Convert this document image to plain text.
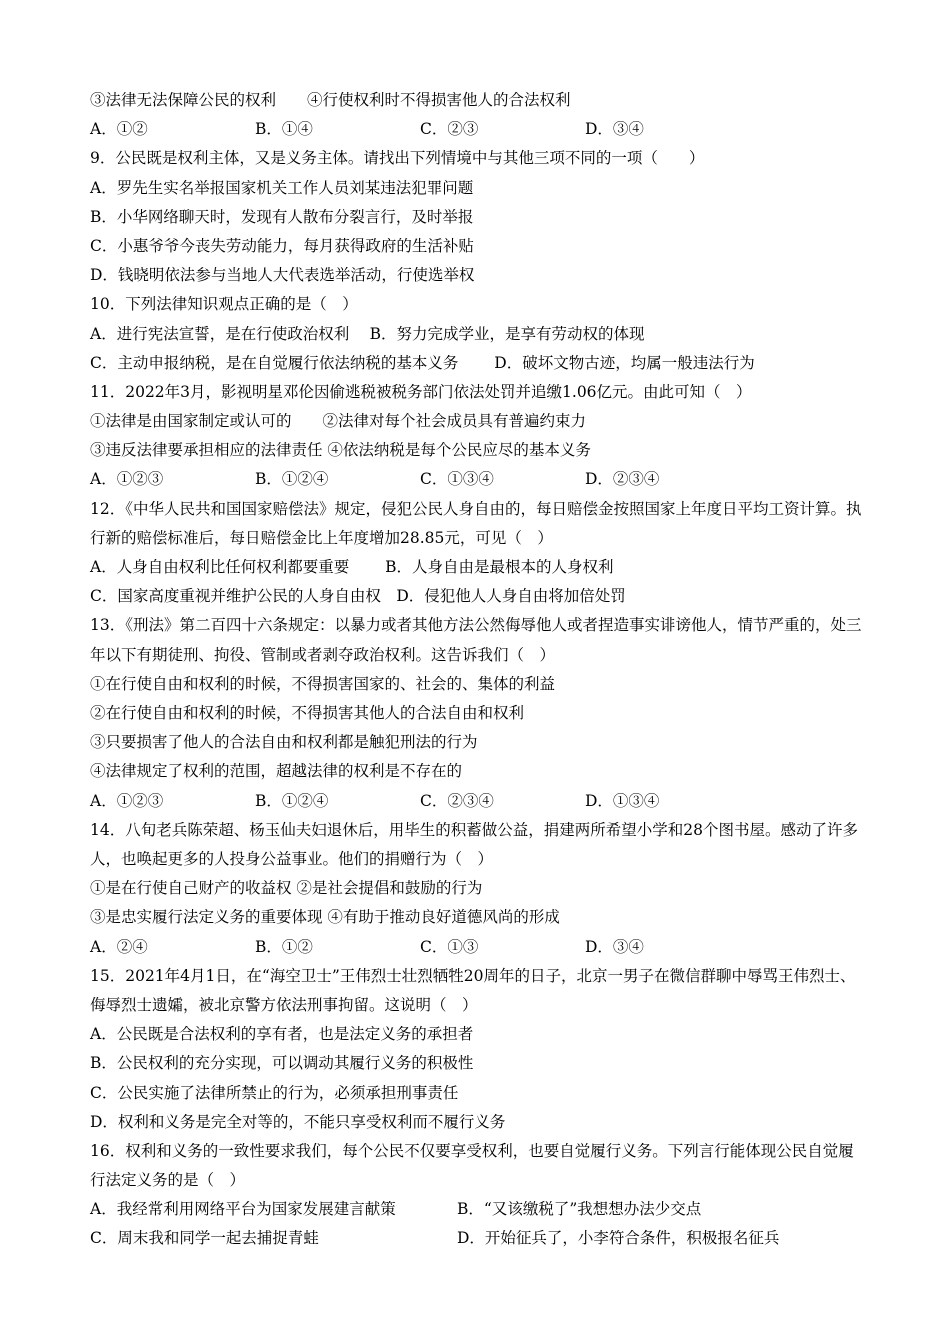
③法律无法保障公民的权利　　④行使权利时不得损害他人的合法权利
A．①②	B．①④	C．②③	D．③④
9．公民既是权利主体，又是义务主体。请找出下列情境中与其他三项不同的一项（　　）
A．罗先生实名举报国家机关工作人员刘某违法犯罪问题
B．小华网络聊天时，发现有人散布分裂言行，及时举报
C．小惠爷爷今丧失劳动能力，每月获得政府的生活补贴
D．钱晓明依法参与当地人大代表选举活动，行使选举权
10．下列法律知识观点正确的是（　）
A．进行宪法宣誓，是在行使政治权利　 B．努力完成学业，是享有劳动权的体现
C．主动申报纳税，是在自觉履行依法纳税的基本义务　　 D．破坏文物古迹，均属一般违法行为
11．2022年3月，影视明星邓伦因偷逃税被税务部门依法处罚并追缴1.06亿元。由此可知（　）
①法律是由国家制定或认可的　　②法律对每个社会成员具有普遍约束力
③违反法律要承担相应的法律责任 ④依法纳税是每个公民应尽的基本义务
A．①②③	B．①②④	C．①③④	D．②③④
12．《中华人民共和国国家赔偿法》规定，侵犯公民人身自由的，每日赔偿金按照国家上年度日平均工资计算。执行新的赔偿标准后，每日赔偿金比上年度增加28.85元，可见（　）
A．人身自由权利比任何权利都要重要　　 B．人身自由是最根本的人身权利
C．国家高度重视并维护公民的人身自由权　D．侵犯他人人身自由将加倍处罚
13．《刑法》第二百四十六条规定：以暴力或者其他方法公然侮辱他人或者捏造事实诽谤他人，情节严重的，处三年以下有期徒刑、拘役、管制或者剥夺政治权利。这告诉我们（　）
①在行使自由和权利的时候，不得损害国家的、社会的、集体的利益
②在行使自由和权利的时候，不得损害其他人的合法自由和权利
③只要损害了他人的合法自由和权利都是触犯刑法的行为
④法律规定了权利的范围，超越法律的权利是不存在的
A．①②③	B．①②④	C．②③④	D．①③④
14．八旬老兵陈荣超、杨玉仙夫妇退休后，用毕生的积蓄做公益，捐建两所希望小学和28个图书屋。感动了许多人，也唤起更多的人投身公益事业。他们的捐赠行为（　）
①是在行使自己财产的收益权 ②是社会提倡和鼓励的行为
③是忠实履行法定义务的重要体现 ④有助于推动良好道德风尚的形成
A．②④	B．①②	C．①③	D．③④
15．2021年4月1日，在“海空卫士”王伟烈士壮烈牺牲20周年的日子，北京一男子在微信群聊中辱骂王伟烈士、侮辱烈士遗孀，被北京警方依法刑事拘留。这说明（　）
A．公民既是合法权利的享有者，也是法定义务的承担者
B．公民权利的充分实现，可以调动其履行义务的积极性
C．公民实施了法律所禁止的行为，必须承担刑事责任
D．权利和义务是完全对等的，不能只享受权利而不履行义务
16．权利和义务的一致性要求我们，每个公民不仅要享受权利，也要自觉履行义务。下列言行能体现公民自觉履行法定义务的是（　）
A．我经常利用网络平台为国家发展建言献策	B．“又该缴税了”我想想办法少交点
C．周末我和同学一起去捕捉青蛙	D．开始征兵了，小李符合条件，积极报名征兵
